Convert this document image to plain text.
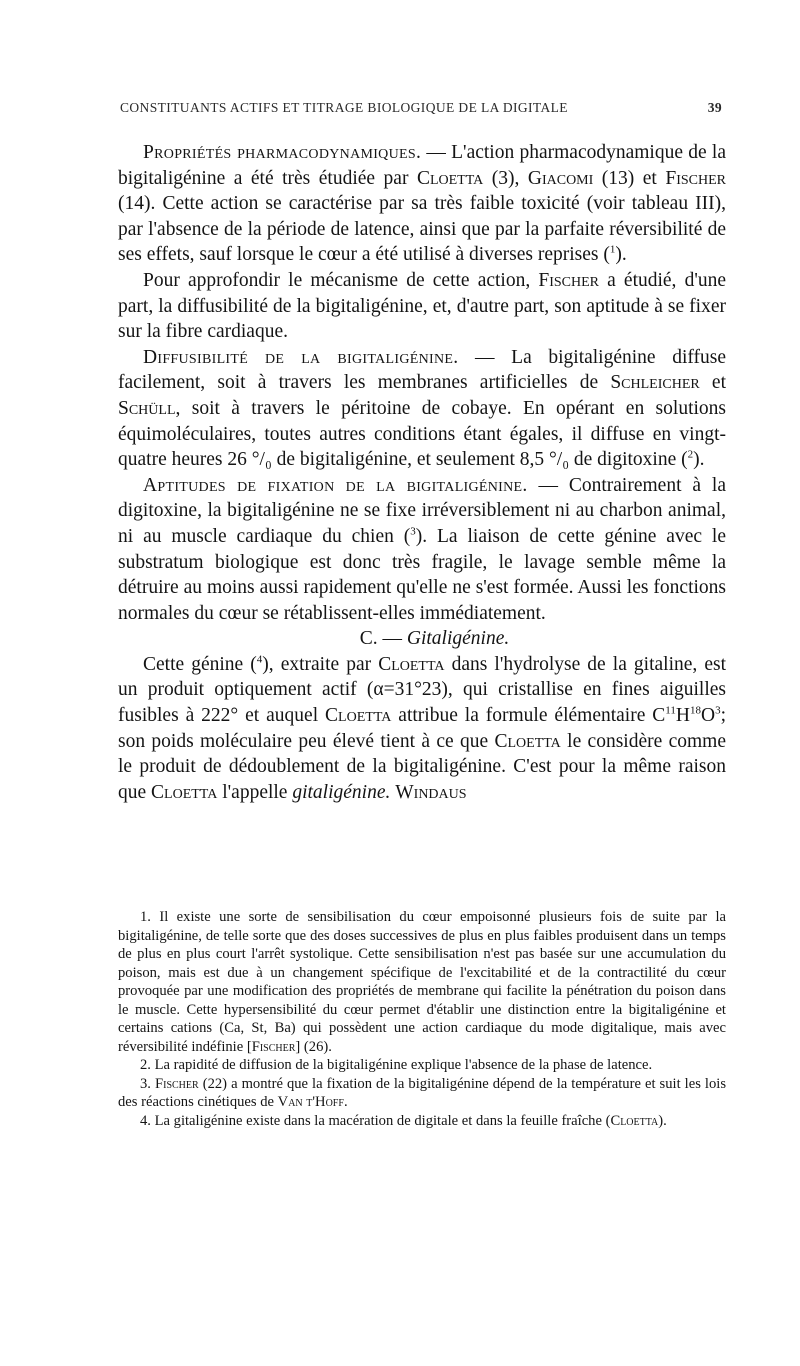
CONSTITUANTS ACTIFS ET TITRAGE BIOLOGIQUE DE LA DIGITALE	39

Propriétés pharmacodynamiques. — L'action pharmacodynamique de la bigitaligénine a été très étudiée par Cloetta (3), Giacomi (13) et Fischer (14). Cette action se caractérise par sa très faible toxicité (voir tableau III), par l'absence de la période de latence, ainsi que par la parfaite réversibilité de ses effets, sauf lorsque le cœur a été utilisé à diverses reprises ($^1$).

Pour approfondir le mécanisme de cette action, Fischer a étudié, d'une part, la diffusibilité de la bigitaligénine, et, d'autre part, son aptitude à se fixer sur la fibre cardiaque.

Diffusibilité de la bigitaligénine. — La bigitaligénine diffuse facilement, soit à travers les membranes artificielles de Schleicher et Schüll, soit à travers le péritoine de cobaye. En opérant en solutions équimoléculaires, toutes autres conditions étant égales, il diffuse en vingt-quatre heures 26 °/₀ de bigitaligénine, et seulement 8,5 °/₀ de digitoxine ($^2$).

Aptitudes de fixation de la bigitaligénine. — Contrairement à la digitoxine, la bigitaligénine ne se fixe irréversiblement ni au charbon animal, ni au muscle cardiaque du chien ($^3$). La liaison de cette génine avec le substratum biologique est donc très fragile, le lavage semble même la détruire au moins aussi rapidement qu'elle ne s'est formée. Aussi les fonctions normales du cœur se rétablissent-elles immédiatement.

C. — Gitaligénine.

Cette génine ($^4$), extraite par Cloetta dans l'hydrolyse de la gitaline, est un produit optiquement actif (α=31°23), qui cristallise en fines aiguilles fusibles à 222° et auquel Cloetta attribue la formule élémentaire $C^{11}H^{18}O^3$; son poids moléculaire peu élevé tient à ce que Cloetta le considère comme le produit de dédoublement de la bigitaligénine. C'est pour la même raison que Cloetta l'appelle gitaligénine. Windaus

1. Il existe une sorte de sensibilisation du cœur empoisonné plusieurs fois de suite par la bigitaligénine, de telle sorte que des doses successives de plus en plus faibles produisent dans un temps de plus en plus court l'arrêt systolique. Cette sensibilisation n'est pas basée sur une accumulation du poison, mais est due à un changement spécifique de l'excitabilité et de la contractilité du cœur provoquée par une modification des propriétés de membrane qui facilite la pénétration du poison dans le muscle. Cette hypersensibilité du cœur permet d'établir une distinction entre la bigitaligénine et certains cations (Ca, St, Ba) qui possèdent une action cardiaque du mode digitalique, mais avec réversibilité indéfinie [Fischer] (26).

2. La rapidité de diffusion de la bigitaligénine explique l'absence de la phase de latence.

3. Fischer (22) a montré que la fixation de la bigitaligénine dépend de la température et suit les lois des réactions cinétiques de Van t'Hoff.

4. La gitaligénine existe dans la macération de digitale et dans la feuille fraîche (Cloetta).
